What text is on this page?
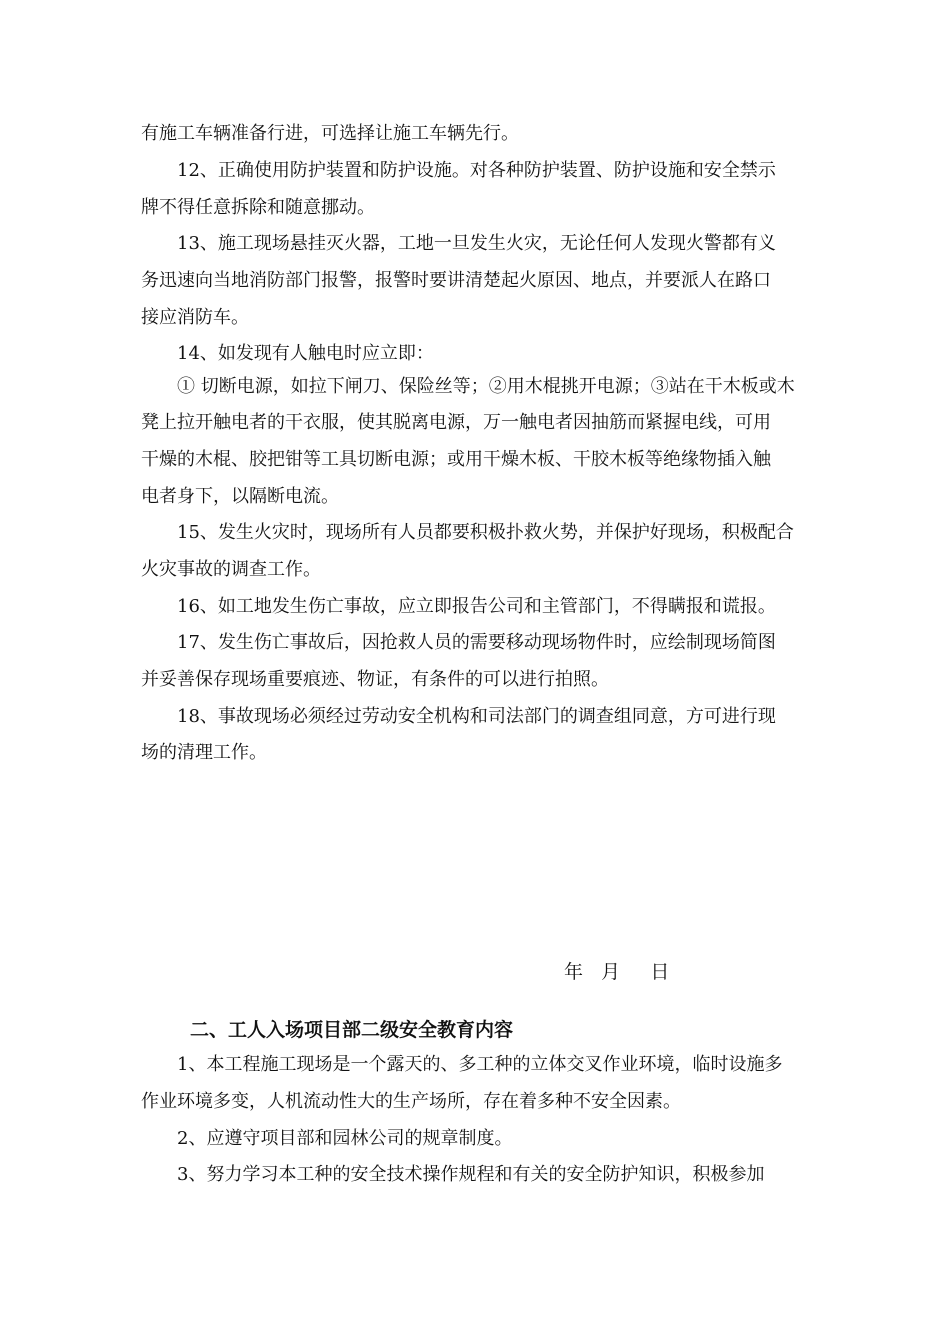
有施工车辆准备行进，可选择让施工车辆先行。

12、正确使用防护装置和防护设施。对各种防护装置、防护设施和安全禁示

牌不得任意拆除和随意挪动。

13、施工现场悬挂灭火器，工地一旦发生火灾，无论任何人发现火警都有义

务迅速向当地消防部门报警，报警时要讲清楚起火原因、地点，并要派人在路口

接应消防车。

14、如发现有人触电时应立即：

① 切断电源，如拉下闸刀、保险丝等；②用木棍挑开电源；③站在干木板或木

凳上拉开触电者的干衣服，使其脱离电源，万一触电者因抽筋而紧握电线，可用

干燥的木棍、胶把钳等工具切断电源；或用干燥木板、干胶木板等绝缘物插入触

电者身下，以隔断电流。

15、发生火灾时，现场所有人员都要积极扑救火势，并保护好现场，积极配合

火灾事故的调查工作。

16、如工地发生伤亡事故，应立即报告公司和主管部门，不得瞒报和谎报。

17、发生伤亡事故后，因抢救人员的需要移动现场物件时，应绘制现场简图

并妥善保存现场重要痕迹、物证，有条件的可以进行拍照。

18、事故现场必须经过劳动安全机构和司法部门的调查组同意，方可进行现

场的清理工作。

年   月     日

二、工人入场项目部二级安全教育内容

1、本工程施工现场是一个露天的、多工种的立体交叉作业环境，临时设施多

作业环境多变，人机流动性大的生产场所，存在着多种不安全因素。

2、应遵守项目部和园林公司的规章制度。

3、努力学习本工种的安全技术操作规程和有关的安全防护知识，积极参加
